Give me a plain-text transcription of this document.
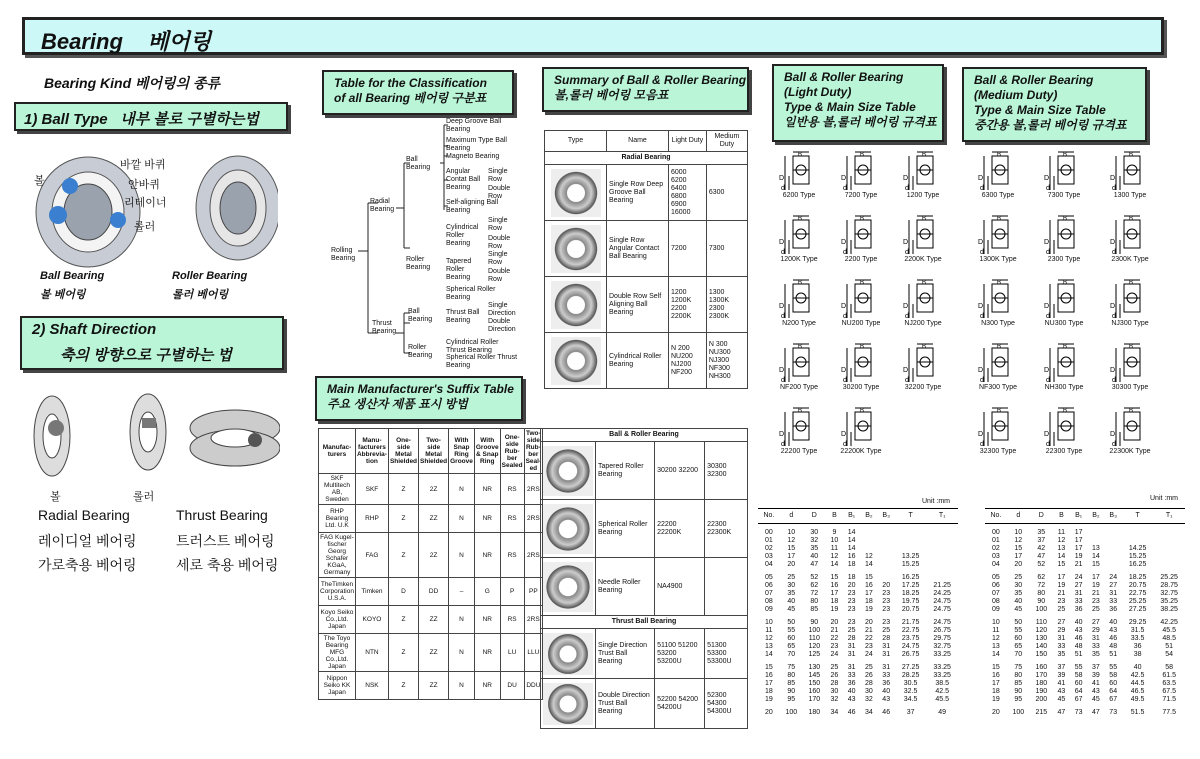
Bearing    베어링
Bearing Kind 베어링의 종류
1) Ball Type   내부 볼로 구별하는법
바깥 바퀴
볼	안바퀴
리테이너
롤러
Ball Bearing
볼 베어링
Roller Bearing
롤러 베어링
2) Shaft Direction
축의 방향으로 구별하는 법
볼	롤러
Radial Bearing
레이디얼 베어링
가로축용 베어링
Thrust Bearing
트러스트 베어링
세로 축용 베어링
Table for the Classification
of all Bearing 베어링 구분표
Rolling Bearing
Radial Bearing
Thrust Bearing
Ball Bearing
Roller Bearing
Ball Bearing
Roller Bearing
Deep Groove Ball Bearing
Maximum Type Ball Bearing
Magneto Bearing
Angular Contat Ball Bearing
Single Row
Double Row
Self-aligning Ball Bearing
Cylindrical Roller Bearing
Single Row
Double Row
Tapered Roller Bearing
Single Row
Double Row
Spherical Roller Bearing
Thrust Ball Bearing
Single Direction
Double Direction
Cylindrical Roller Thrust Bearing
Spherical Roller Thrust Bearing
Main Manufacturer's Suffix Table
주요 생산자 제품 표시 방법
Manufac-turers	Manu-facturers Abbrevia-tion	One-side Metal Shielded	Two-side Metal Shielded	With Snap Ring Groove	With Groove & Snap Ring	One-side Rub-ber Sealed	Two-side Rub-ber Seal-ed
SKF Multitech AB, Sweden	SKF	Z	2Z	N	NR	RS	2RS
RHP Bearing Ltd. U.K	RHP	Z	ZZ	N	NR	RS	2RS
FAG Kugel-fischer Georg Schafer KGaA, Germany	FAG	Z	2Z	N	NR	RS	2RS
TheTimken Corporation U.S.A.	Timken	D	DD	–	G	P	PP
Koyo Seiko Co.,Ltd. Japan	KOYO	Z	ZZ	N	NR	RS	2RS
The Toyo Bearing MFG Co.,Ltd. Japan	NTN	Z	ZZ	N	NR	LU	LLU
Nippon Seiko KK Japan	NSK	Z	ZZ	N	NR	DU	DDU
Summary of Ball & Roller Bearing
볼,롤러 베어링 모음표
Type	Name	Light Duty	Medium Duty
Radial Bearing			

	Single Row Deep Groove Ball Bearing	6000 6200 6400 6800 6900 16000	6300

	Single Row Angular Contact Ball Bearing	7200	7300

	Double Row Self Aligning Ball Bearing	1200 1200K 2200 2200K	1300 1300K 2300 2300K

	Cylindrical Roller Bearing	N 200 NU200 NJ200 NF200	N 300 NU300 NJ300 NF300 NH300
Ball & Roller Bearing			

	Tapered Roller Bearing	30200 32200	30300 32300

	Spherical Roller Bearing	22200 22200K	22300 22300K

	Needle Roller Bearing	NA4900	
Thrust Ball Bearing			

	Single Direction Trust Ball Bearing	51100 51200 53200 53200U	51300 53300 53300U

	Double Direction Trust Ball Bearing	52200 54200 54200U	52300 54300 54300U
Ball & Roller Bearing
(Light Duty)
Type & Main Size Table
일반용 볼,롤러 베어링 규격표
D
d
B
6200 Type
D
d
B
7200 Type
D
d
B
1200 Type
D
d
B
1200K Type
D
d
B
2200 Type
D
d
B
2200K Type
D
d
B
N200 Type
D
d
B
NU200 Type
D
d
B
NJ200 Type
D
d
B
NF200 Type
D
d
B
30200 Type
D
d
B
32200 Type
D
d
B
22200 Type
D
d
B
22200K Type
Unit :mm
No.	d	D	B	B₁	B₂	B₃	T	T₁
00	10	30	9	14				
01	12	32	10	14				
02	15	35	11	14				
03	17	40	12	16	12		13.25	
04	20	47	14	18	14		15.25	
05	25	52	15	18	15		16.25	
06	30	62	16	20	16	20	17.25	21.25
07	35	72	17	23	17	23	18.25	24.25
08	40	80	18	23	18	23	19.75	24.75
09	45	85	19	23	19	23	20.75	24.75
10	50	90	20	23	20	23	21.75	24.75
11	55	100	21	25	21	25	22.75	26.75
12	60	110	22	28	22	28	23.75	29.75
13	65	120	23	31	23	31	24.75	32.75
14	70	125	24	31	24	31	26.75	33.25
15	75	130	25	31	25	31	27.25	33.25
16	80	145	26	33	26	33	28.25	33.25
17	85	150	28	36	28	36	30.5	38.5
18	90	160	30	40	30	40	32.5	42.5
19	95	170	32	43	32	43	34.5	45.5
20	100	180	34	46	34	46	37	49
Ball & Roller Bearing
(Medium Duty)
Type & Main Size Table
중간용 볼,롤러 베어링 규격표
D
d
B
6300 Type
D
d
B
7300 Type
D
d
B
1300 Type
D
d
B
1300K Type
D
d
B
2300 Type
D
d
B
2300K Type
D
d
B
N300 Type
D
d
B
NU300 Type
D
d
B
NJ300 Type
D
d
B
NF300 Type
D
d
B
NH300 Type
D
d
B
30300 Type
D
d
B
32300 Type
D
d
B
22300 Type
D
d
B
22300K Type
Unit :mm
No.	d	D	B	B₁	B₂	B₃	T	T₁
00	10	35	11	17				
01	12	37	12	17				
02	15	42	13	17	13		14.25	
03	17	47	14	19	14		15.25	
04	20	52	15	21	15		16.25	
05	25	62	17	24	17	24	18.25	25.25
06	30	72	19	27	19	27	20.75	28.75
07	35	80	21	31	21	31	22.75	32.75
08	40	90	23	33	23	33	25.25	35.25
09	45	100	25	36	25	36	27.25	38.25
10	50	110	27	40	27	40	29.25	42.25
11	55	120	29	43	29	43	31.5	45.5
12	60	130	31	46	31	46	33.5	48.5
13	65	140	33	48	33	48	36	51
14	70	150	35	51	35	51	38	54
15	75	160	37	55	37	55	40	58
16	80	170	39	58	39	58	42.5	61.5
17	85	180	41	60	41	60	44.5	63.5
18	90	190	43	64	43	64	46.5	67.5
19	95	200	45	67	45	67	49.5	71.5
20	100	215	47	73	47	73	51.5	77.5
